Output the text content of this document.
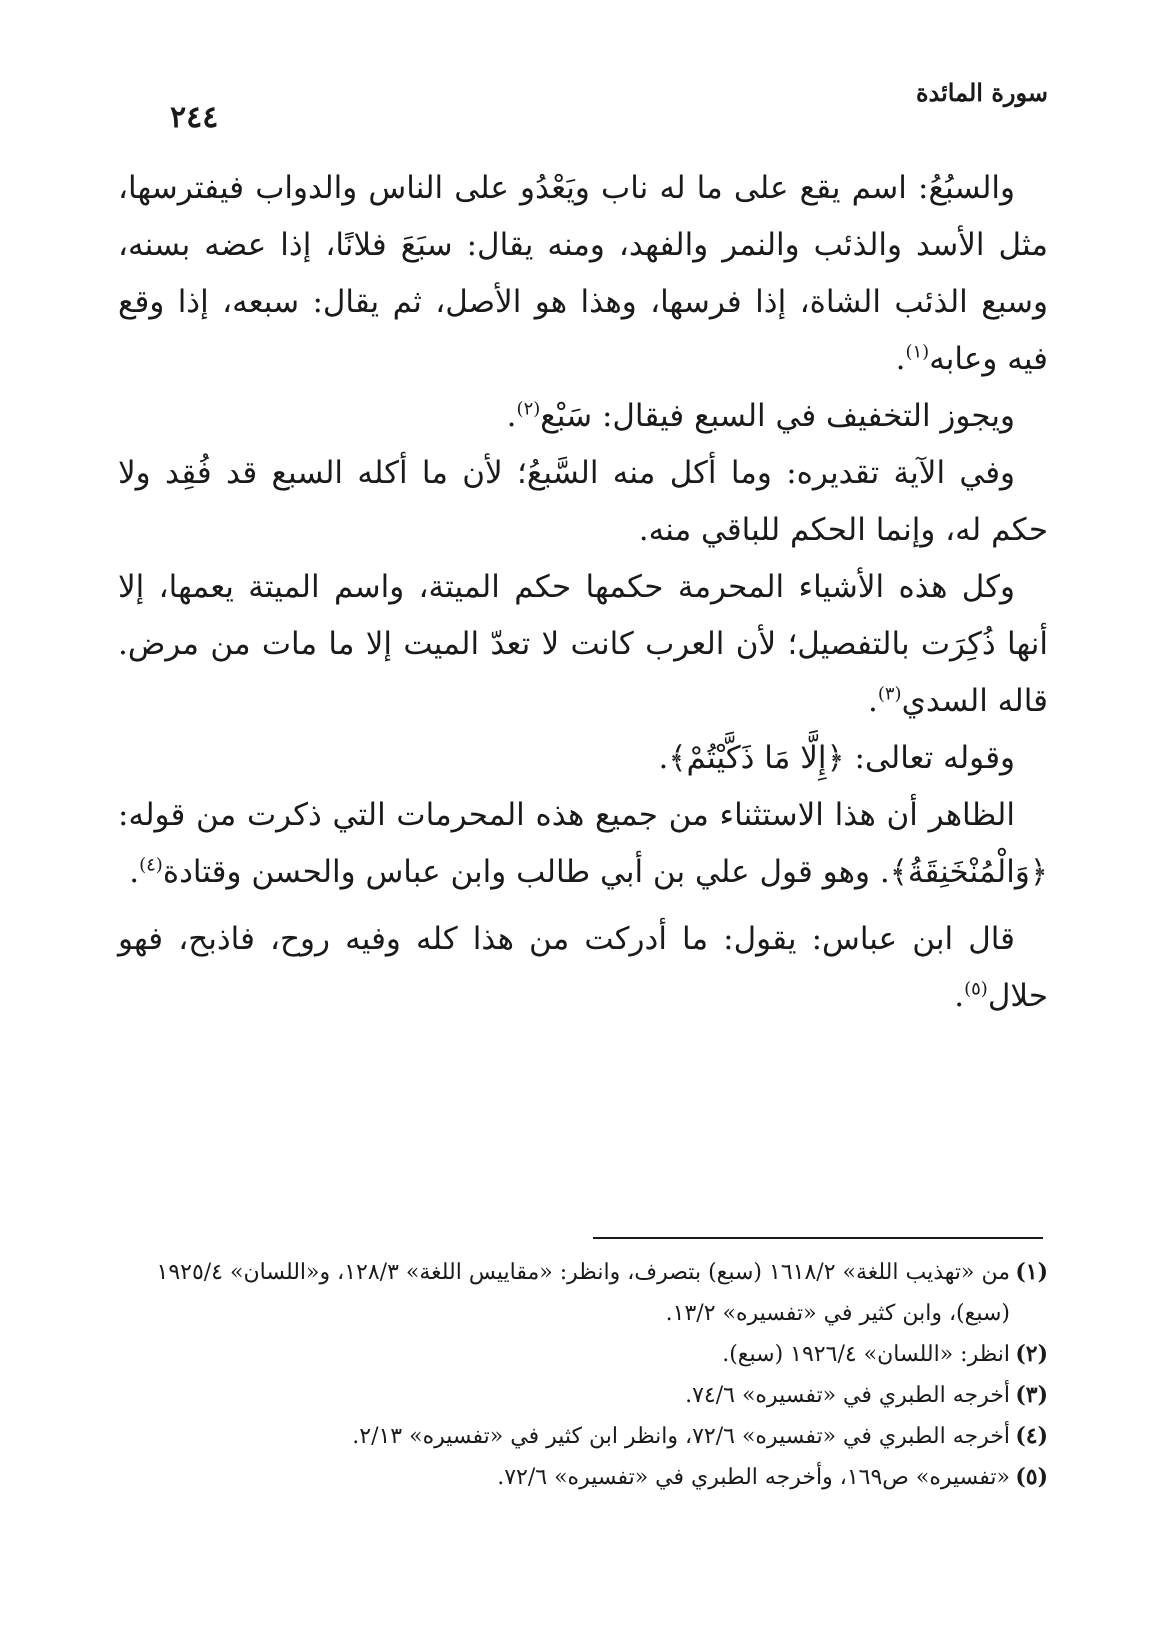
سورة المائدة
٢٤٤

والسبُعُ: اسم يقع على ما له ناب ويَعْدُو على الناس والدواب فيفترسها، مثل الأسد والذئب والنمر والفهد، ومنه يقال: سبَعَ فلانًا، إذا عضه بسنه، وسبع الذئب الشاة، إذا فرسها، وهذا هو الأصل، ثم يقال: سبعه، إذا وقع فيه وعابه$^{(١)}$.

ويجوز التخفيف في السبع فيقال: سَبْع$^{(٢)}$.

وفي الآية تقديره: وما أكل منه السَّبعُ؛ لأن ما أكله السبع قد فُقِد ولا حكم له، وإنما الحكم للباقي منه.

وكل هذه الأشياء المحرمة حكمها حكم الميتة، واسم الميتة يعمها، إلا أنها ذُكِرَت بالتفصيل؛ لأن العرب كانت لا تعدّ الميت إلا ما مات من مرض. قاله السدي$^{(٣)}$.

وقوله تعالى: ﴿إِلَّا مَا ذَكَّيْتُمْ﴾.

الظاهر أن هذا الاستثناء من جميع هذه المحرمات التي ذكرت من قوله: ﴿وَالْمُنْخَنِقَةُ﴾. وهو قول علي بن أبي طالب وابن عباس والحسن وقتادة$^{(٤)}$.

قال ابن عباس: يقول: ما أدركت من هذا كله وفيه روح، فاذبح، فهو حلال$^{(٥)}$.

(١)
من «تهذيب اللغة» ١٦١٨/٢ (سبع) بتصرف، وانظر: «مقاييس اللغة» ١٢٨/٣، و«اللسان» ١٩٢٥/٤ (سبع)، وابن كثير في «تفسيره» ١٣/٢.
(٢)
انظر: «اللسان» ١٩٢٦/٤ (سبع).
(٣)
أخرجه الطبري في «تفسيره» ٧٤/٦.
(٤)
أخرجه الطبري في «تفسيره» ٧٢/٦، وانظر ابن كثير في «تفسيره» ٢/١٣.
(٥)
«تفسيره» ص١٦٩، وأخرجه الطبري في «تفسيره» ٧٢/٦.
